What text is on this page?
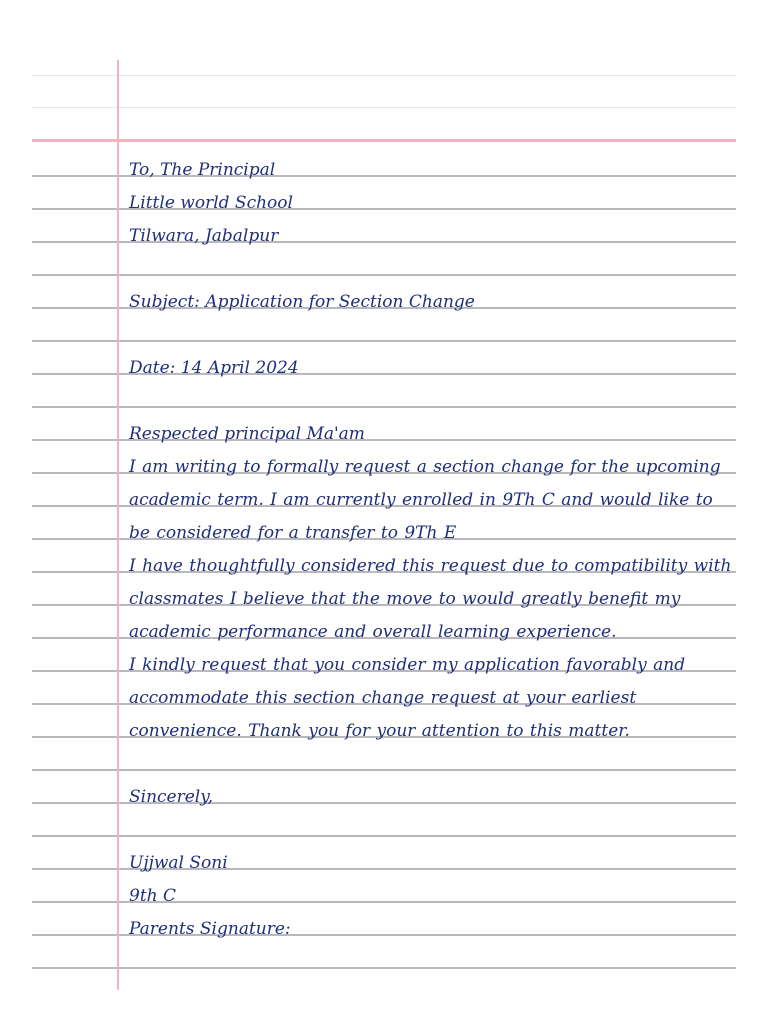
To, The Principal

Little world School

Tilwara, Jabalpur

Subject: Application for Section Change

Date: 14 April 2024

Respected principal Ma'am

I am writing to formally request a section change for the upcoming

academic term. I am currently enrolled in 9Th C and would like to

be considered for a transfer to 9Th E

I have thoughtfully considered this request due to compatibility with

classmates I believe that the move to would greatly benefit my

academic performance and overall learning experience.

I kindly request that you consider my application favorably and

accommodate this section change request at your earliest

convenience. Thank you for your attention to this matter.

Sincerely,

Ujjwal Soni

9th C

Parents Signature:
